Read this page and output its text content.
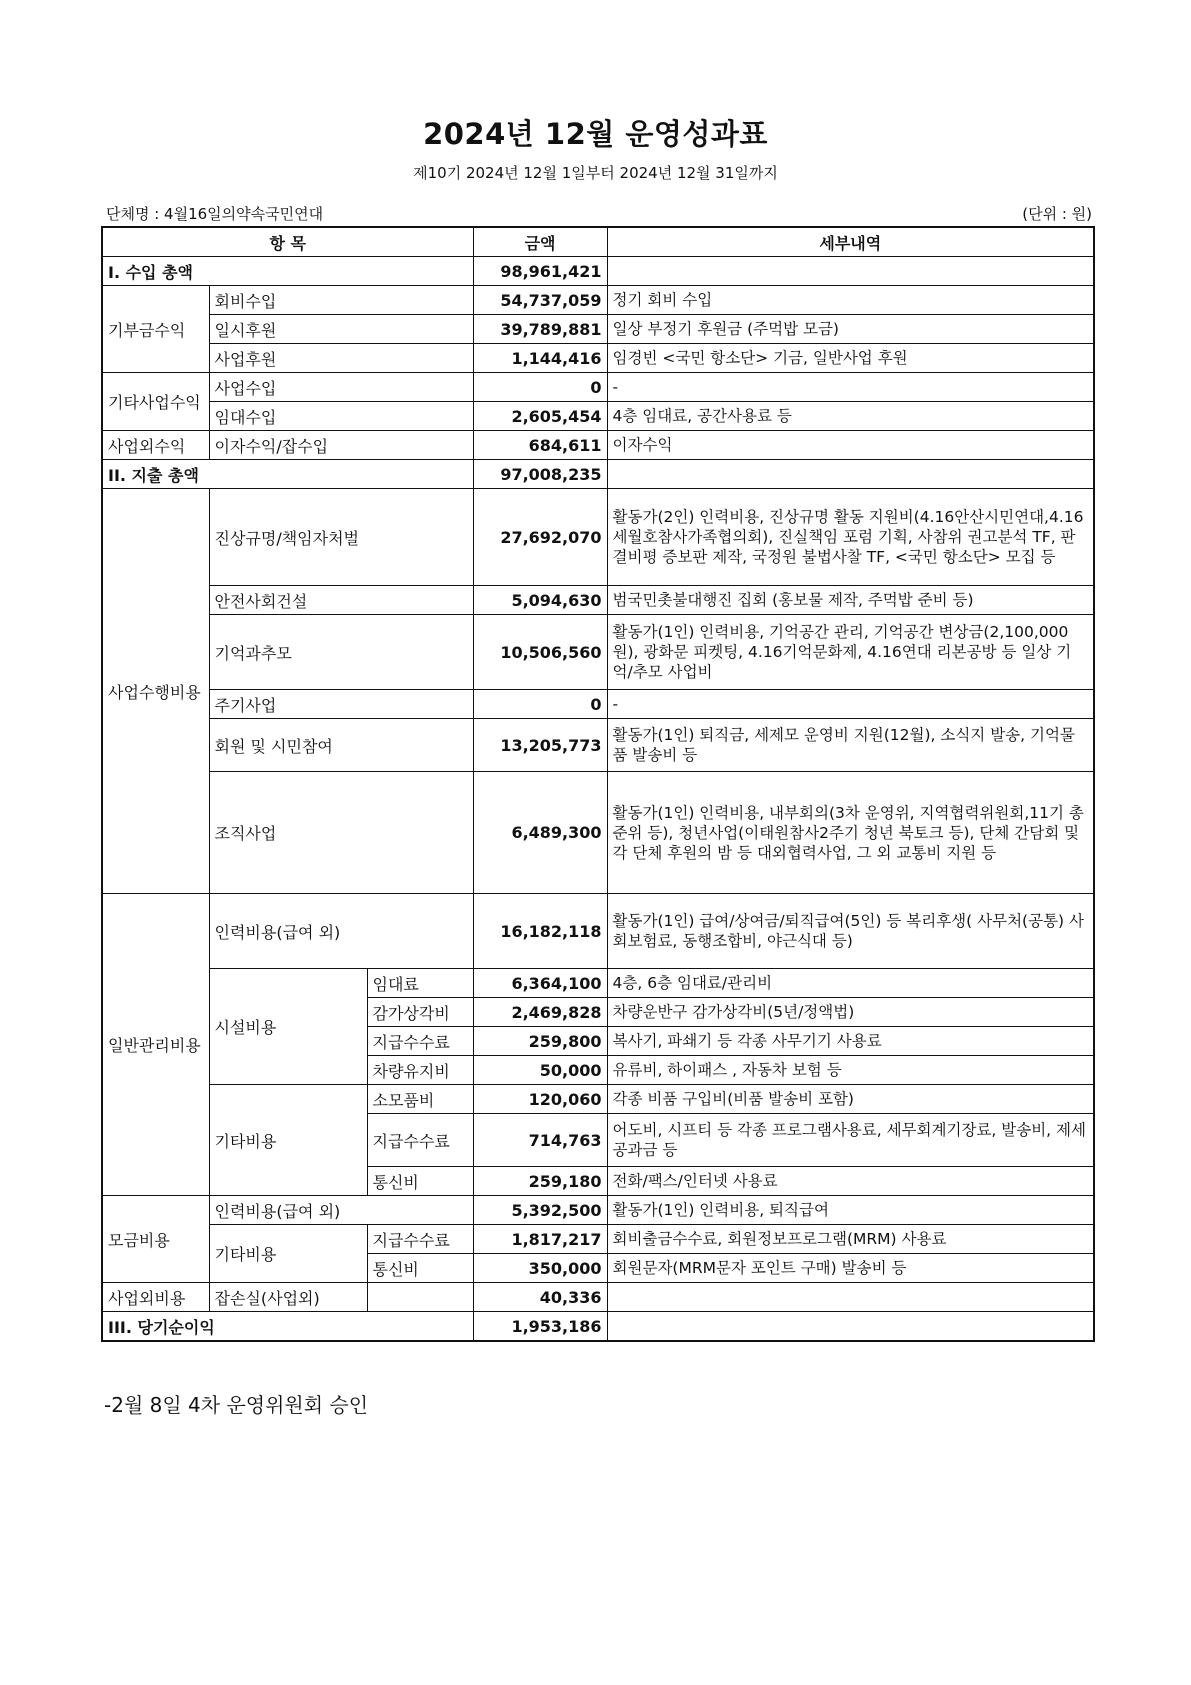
2024년 12월 운영성과표
제10기 2024년 12월 1일부터 2024년 12월 31일까지
단체명 : 4월16일의약속국민연대	(단위 : 원)
항 목			금액	세부내역
I. 수입 총액			98,961,421	
기부금수익	회비수입		54,737,059	정기 회비 수입
	일시후원		39,789,881	일상 부정기 후원금 (주먹밥 모금)
	사업후원		1,144,416	임경빈 <국민 항소단> 기금, 일반사업 후원
기타사업수익	사업수입		0	-
	임대수입		2,605,454	4층 임대료, 공간사용료 등
사업외수익	이자수익/잡수입		684,611	이자수익
II. 지출 총액			97,008,235	
사업수행비용	진상규명/책임자처벌		27,692,070	활동가(2인) 인력비용, 진상규명 활동 지원비(4.16안산시민연대,4.16세월호참사가족협의회), 진실책임 포럼 기획, 사참위 권고분석 TF, 판결비평 증보판 제작, 국정원 불법사찰 TF, <국민 항소단> 모집 등
	안전사회건설		5,094,630	범국민촛불대행진 집회 (홍보물 제작, 주먹밥 준비 등)
	기억과추모		10,506,560	활동가(1인) 인력비용, 기억공간 관리, 기억공간 변상금(2,100,000원), 광화문 피켓팅, 4.16기억문화제, 4.16연대 리본공방 등 일상 기억/추모 사업비
	주기사업		0	-
	회원 및 시민참여		13,205,773	활동가(1인) 퇴직금, 세제모 운영비 지원(12월), 소식지 발송, 기억물품 발송비 등
	조직사업		6,489,300	활동가(1인) 인력비용, 내부회의(3차 운영위, 지역협력위원회,11기 총준위 등), 청년사업(이태원참사2주기 청년 북토크 등), 단체 간담회 및 각 단체 후원의 밤 등 대외협력사업, 그 외 교통비 지원 등
일반관리비용	인력비용(급여 외)		16,182,118	활동가(1인) 급여/상여금/퇴직급여(5인) 등 복리후생( 사무처(공통) 사회보험료, 동행조합비, 야근식대 등)
	시설비용	임대료	6,364,100	4층, 6층 임대료/관리비
		감가상각비	2,469,828	차량운반구 감가상각비(5년/정액법)
		지급수수료	259,800	복사기, 파쇄기 등 각종 사무기기 사용료
		차량유지비	50,000	유류비, 하이패스 , 자동차 보험 등
	기타비용	소모품비	120,060	각종 비품 구입비(비품 발송비 포함)
		지급수수료	714,763	어도비, 시프티 등 각종 프로그램사용료, 세무회계기장료, 발송비, 제세공과금 등
		통신비	259,180	전화/팩스/인터넷 사용료
모금비용	인력비용(급여 외)		5,392,500	활동가(1인) 인력비용, 퇴직급여
	기타비용	지급수수료	1,817,217	회비출금수수료, 회원정보프로그램(MRM) 사용료
		통신비	350,000	회원문자(MRM문자 포인트 구매) 발송비 등
사업외비용	잡손실(사업외)		40,336	
III. 당기순이익			1,953,186	
-2월 8일 4차 운영위원회 승인
